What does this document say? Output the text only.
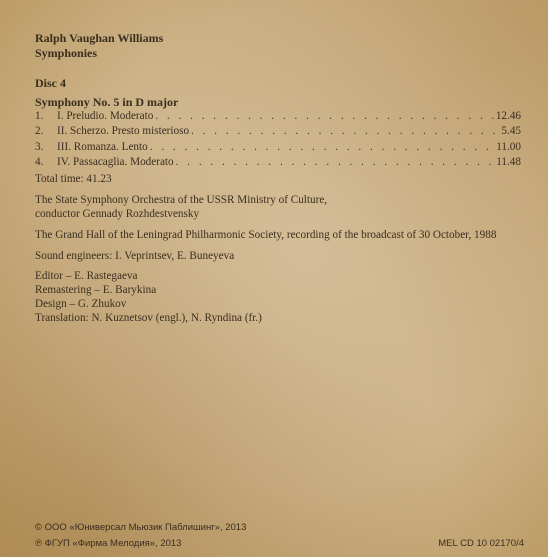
Ralph Vaughan Williams
Symphonies
Disc 4
Symphony No. 5 in D major
1.	I. Preludio. Moderato . . .	12.46
2.	II. Scherzo. Presto misterioso . . .	5.45
3.	III. Romanza. Lento . . .	11.00
4.	IV. Passacaglia. Moderato . . .	11.48
Total time: 41.23
The State Symphony Orchestra of the USSR Ministry of Culture,
conductor Gennady Rozhdestvensky
The Grand Hall of the Leningrad Philharmonic Society, recording of the broadcast of 30 October, 1988
Sound engineers: I. Veprintsev, E. Buneyeva
Editor – E. Rastegaeva
Remastering – E. Barykina
Design – G. Zhukov
Translation: N. Kuznetsov (engl.), N. Ryndina (fr.)
© ООО «Юниверсал Мьюзик Паблишинг», 2013
℗ ФГУП «Фирма Мелодия», 2013	MEL CD 10 02170/4
